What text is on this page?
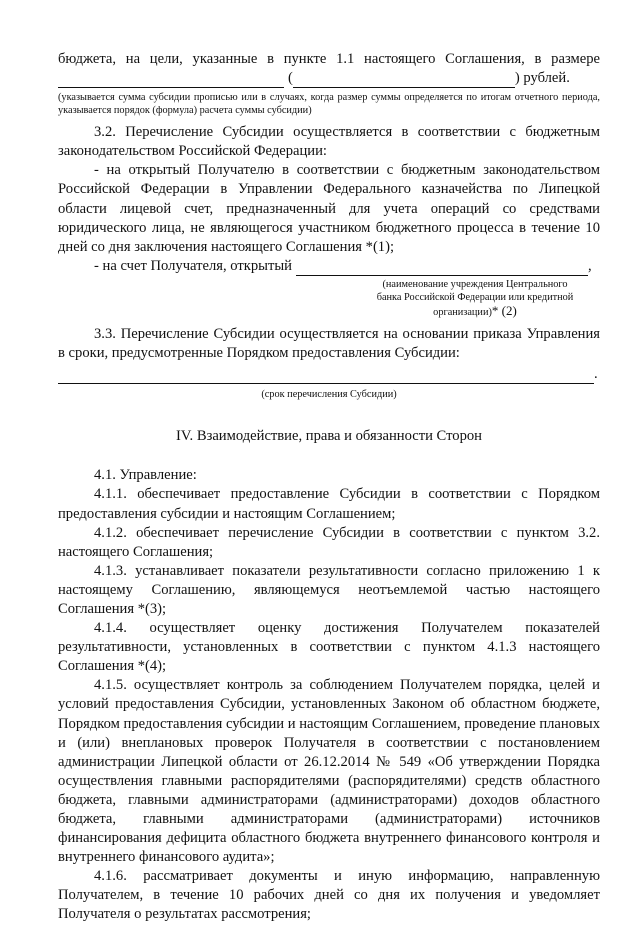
бюджета, на цели, указанные в пункте 1.1 настоящего Соглашения, в размере

(	) рублей.

(указывается сумма субсидии прописью или в случаях, когда размер суммы определяется по итогам отчетного периода, указывается порядок (формула) расчета суммы субсидии)

3.2. Перечисление Субсидии осуществляется в соответствии с бюджетным законодательством Российской Федерации:

- на открытый Получателю в соответствии с бюджетным законодательством Российской Федерации в Управлении Федерального казначейства по Липецкой области лицевой счет, предназначенный для учета операций со средствами юридического лица, не являющегося участником бюджетного процесса в течение 10 дней со дня заключения настоящего Соглашения *(1);

- на счет Получателя, открытый	,
(наименование учреждения Центрального
банка Российской Федерации или кредитной
организации)* (2)

3.3. Перечисление Субсидии осуществляется на основании приказа Управления в сроки, предусмотренные Порядком предоставления Субсидии:

.
(срок перечисления Субсидии)
IV. Взаимодействие, права и обязанности Сторон

4.1. Управление:

4.1.1. обеспечивает предоставление Субсидии в соответствии с Порядком предоставления субсидии и настоящим Соглашением;

4.1.2. обеспечивает перечисление Субсидии в соответствии с пунктом 3.2. настоящего Соглашения;

4.1.3. устанавливает показатели результативности согласно приложению 1 к настоящему Соглашению, являющемуся неотъемлемой частью настоящего Соглашения *(3);

4.1.4. осуществляет оценку достижения Получателем показателей результативности, установленных в соответствии с пунктом 4.1.3 настоящего Соглашения *(4);

4.1.5. осуществляет контроль за соблюдением Получателем порядка, целей и условий предоставления Субсидии, установленных Законом об областном бюджете, Порядком предоставления субсидии и настоящим Соглашением, проведение плановых и (или) внеплановых проверок Получателя в соответствии с постановлением администрации Липецкой области от 26.12.2014 № 549 «Об утверждении Порядка осуществления главными распорядителями (распорядителями) средств областного бюджета, главными администраторами (администраторами) доходов областного бюджета, главными администраторами (администраторами) источников финансирования дефицита областного бюджета внутреннего финансового контроля и внутреннего финансового аудита»;

4.1.6. рассматривает документы и иную информацию, направленную Получателем, в течение 10 рабочих дней со дня их получения и уведомляет Получателя о результатах рассмотрения;
